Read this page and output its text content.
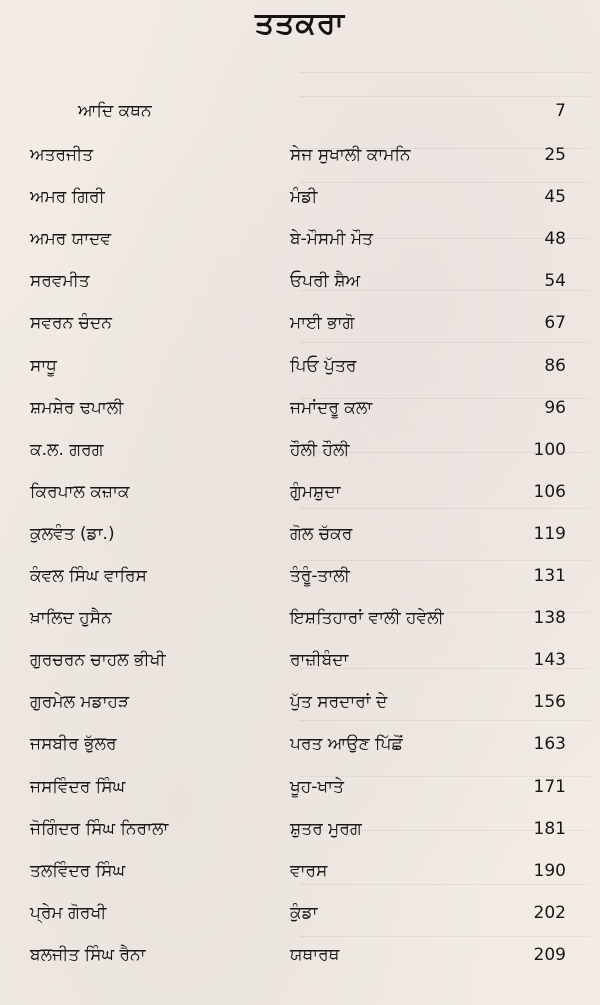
ਤਤਕਰਾ
ਆਦਿ ਕਥਨ	7
ਅਤਰਜੀਤ	ਸੇਜ ਸੁਖਾਲੀ ਕਾਮਨਿ	25
ਅਮਰ ਗਿਰੀ	ਮੰਡੀ	45
ਅਮਰ ਯਾਦਵ	ਬੇ-ਮੌਸਮੀ ਮੌਤ	48
ਸਰਵਮੀਤ	ਓਪਰੀ ਸ਼ੈਅ	54
ਸਵਰਨ ਚੰਦਨ	ਮਾਈ ਭਾਗੋ	67
ਸਾਧੂ	ਪਿਓ ਪੁੱਤਰ	86
ਸ਼ਮਸ਼ੇਰ ਢਪਾਲੀ	ਜਮਾਂਦਰੂ ਕਲਾ	96
ਕ.ਲ. ਗਰਗ	ਹੌਲੀ ਹੌਲੀ	100
ਕਿਰਪਾਲ ਕਜ਼ਾਕ	ਗੁੰਮਸ਼ੁਦਾ	106
ਕੁਲਵੰਤ (ਡਾ.)	ਗੋਲ ਚੱਕਰ	119
ਕੰਵਲ ਸਿੰਘ ਵਾਰਿਸ	ਤੰਰੂੰ-ਤਾਲੀ	131
ਖ਼ਾਲਿਦ ਹੁਸੈਨ	ਇਸ਼ਤਿਹਾਰਾਂ ਵਾਲੀ ਹਵੇਲੀ	138
ਗੁਰਚਰਨ ਚਾਹਲ ਭੀਖੀ	ਰਾਜ਼ੀਬੰਦਾ	143
ਗੁਰਮੇਲ ਮਡਾਹੜ	ਪੁੱਤ ਸਰਦਾਰਾਂ ਦੇ	156
ਜਸਬੀਰ ਭੁੱਲਰ	ਪਰਤ ਆਉਣ ਪਿੱਛੋਂ	163
ਜਸਵਿੰਦਰ ਸਿੰਘ	ਖੂਹ-ਖਾਤੇ	171
ਜੋਗਿੰਦਰ ਸਿੰਘ ਨਿਰਾਲਾ	ਸ਼ੁਤਰ ਮੁਰਗ	181
ਤਲਵਿੰਦਰ ਸਿੰਘ	ਵਾਰਸ	190
ਪ੍ਰੇਮ ਗੋਰਖੀ	ਕੁੰਡਾ	202
ਬਲਜੀਤ ਸਿੰਘ ਰੈਨਾ	ਯਥਾਰਥ	209
